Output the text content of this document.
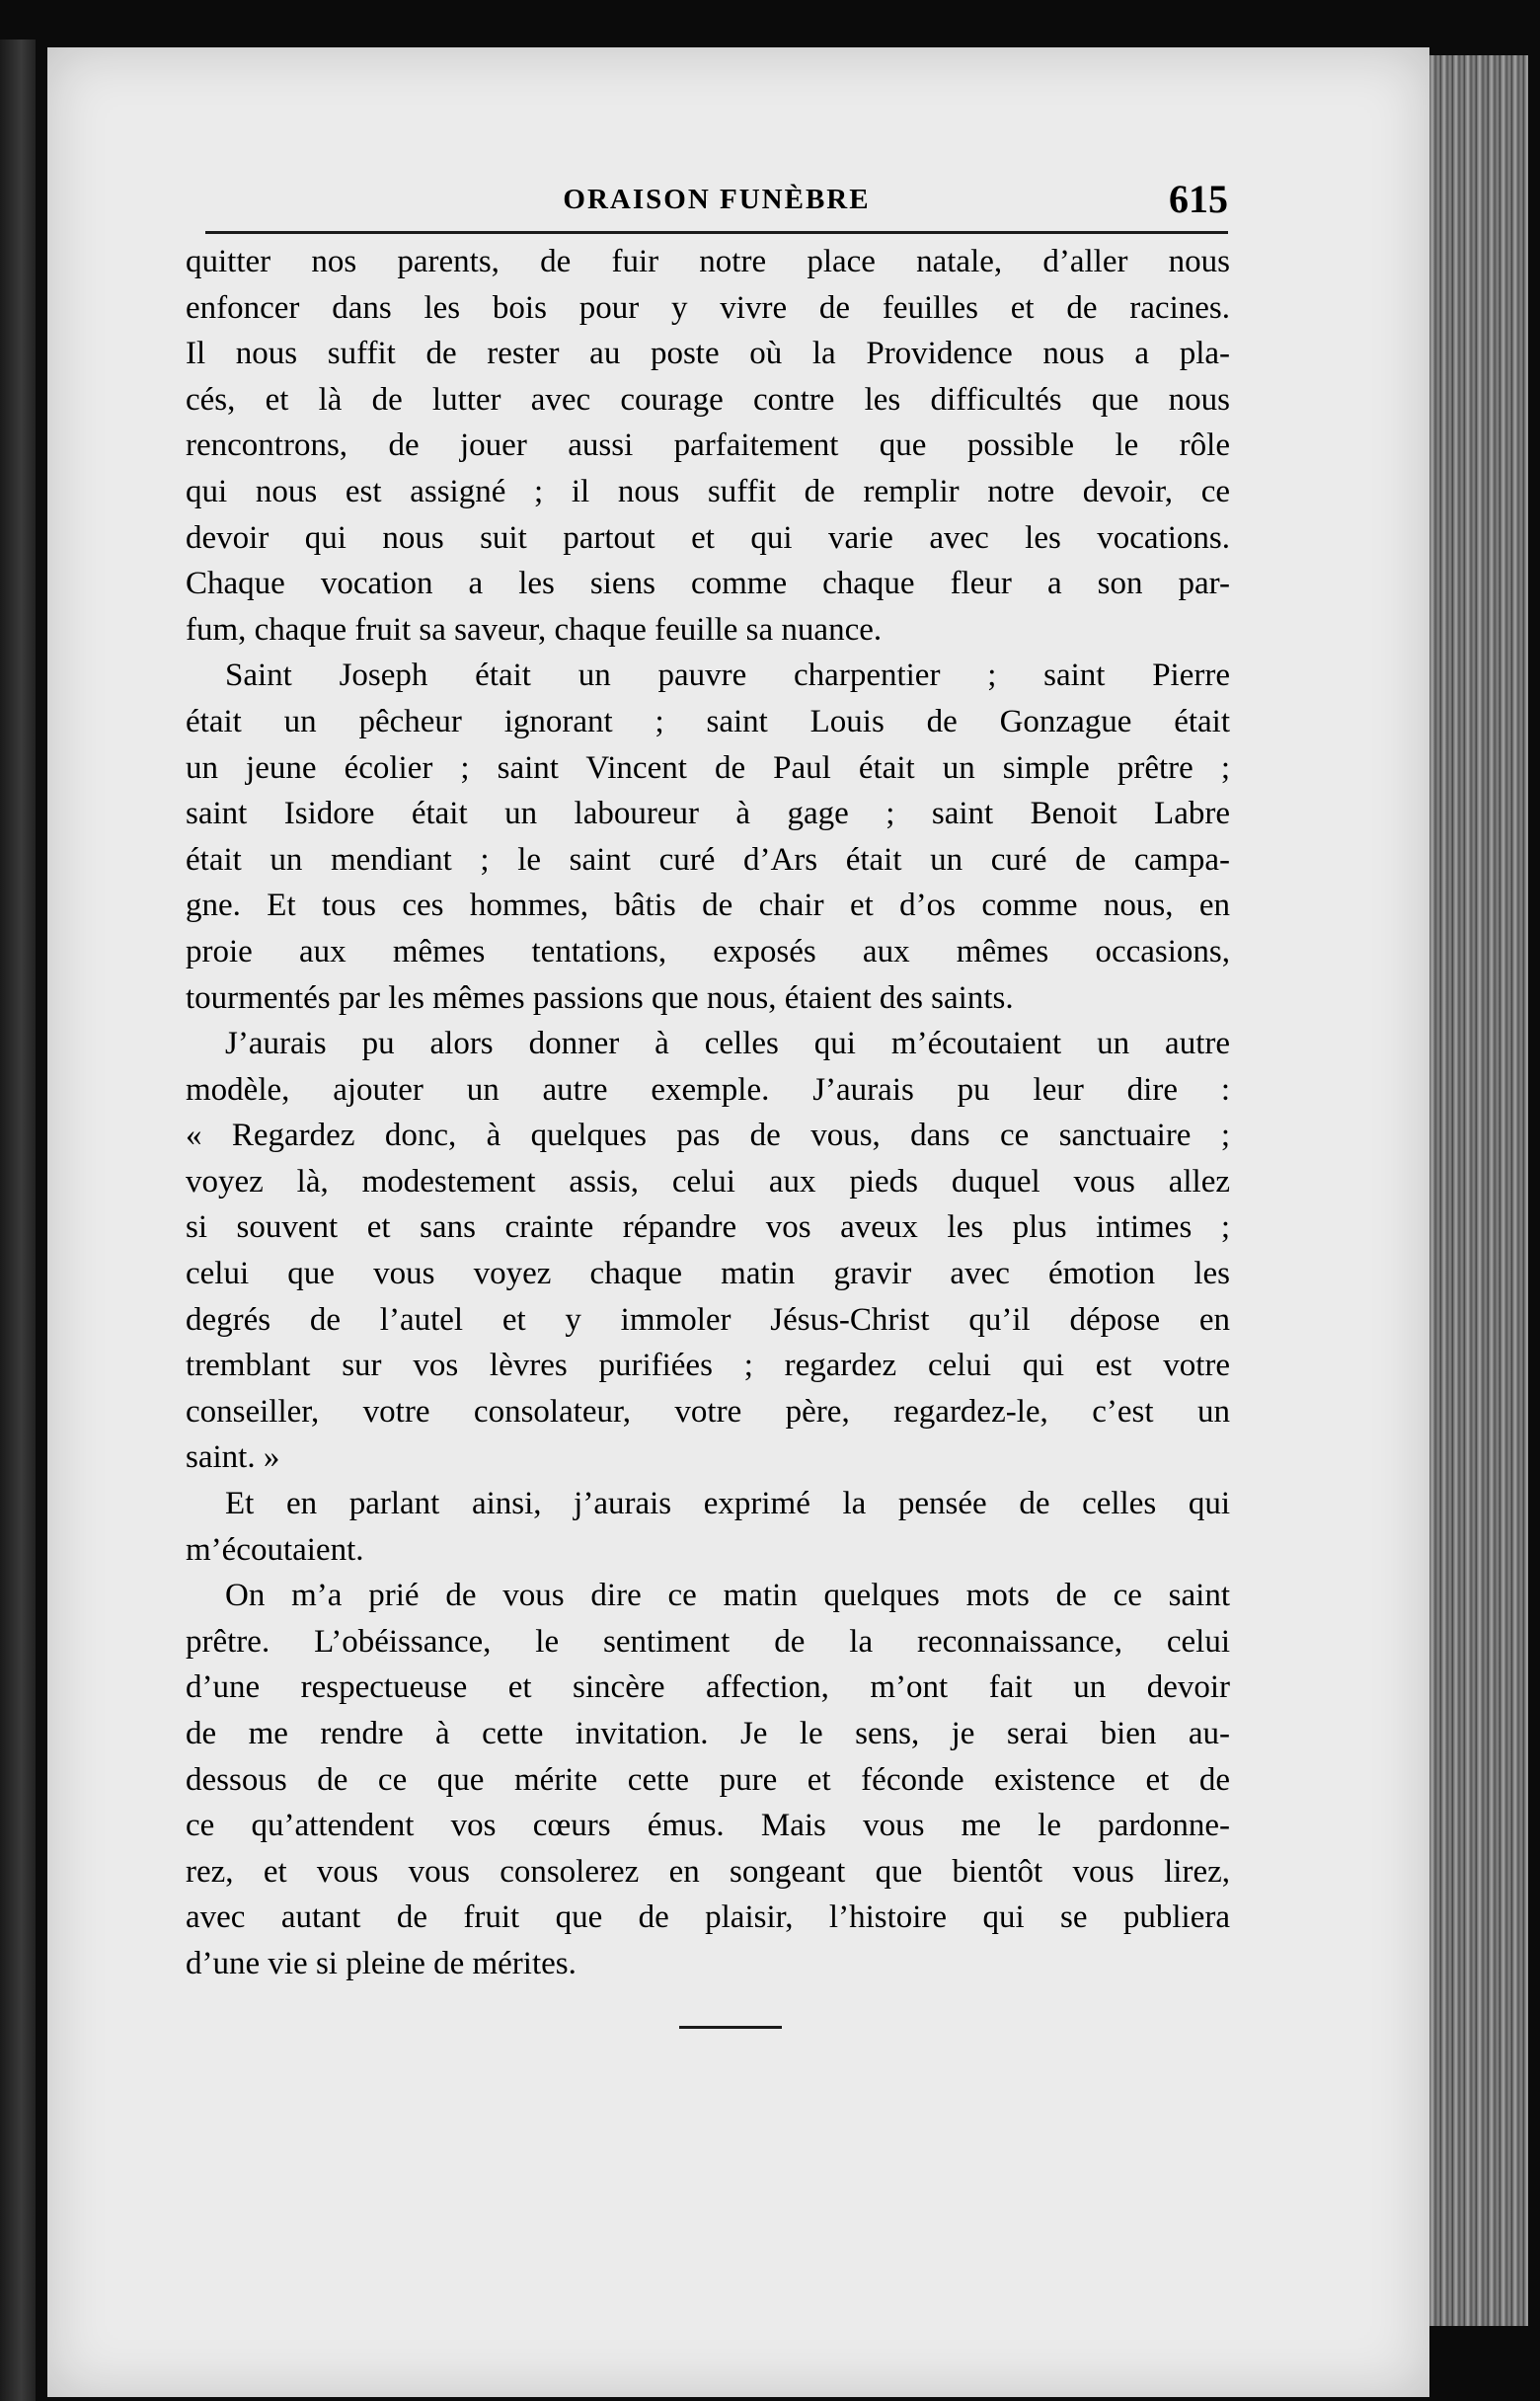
ORAISON FUNÈBRE	615
quitter nos parents, de fuir notre place natale, d’aller nous
enfoncer dans les bois pour y vivre de feuilles et de racines.
Il nous suffit de rester au poste où la Providence nous a pla-
cés, et là de lutter avec courage contre les difficultés que nous
rencontrons, de jouer aussi parfaitement que possible le rôle
qui nous est assigné ; il nous suffit de remplir notre devoir, ce
devoir qui nous suit partout et qui varie avec les vocations.
Chaque vocation a les siens comme chaque fleur a son par-
fum, chaque fruit sa saveur, chaque feuille sa nuance.
Saint Joseph était un pauvre charpentier ; saint Pierre
était un pêcheur ignorant ; saint Louis de Gonzague était
un jeune écolier ; saint Vincent de Paul était un simple prêtre ;
saint Isidore était un laboureur à gage ; saint Benoit Labre
était un mendiant ; le saint curé d’Ars était un curé de campa-
gne. Et tous ces hommes, bâtis de chair et d’os comme nous, en
proie aux mêmes tentations, exposés aux mêmes occasions,
tourmentés par les mêmes passions que nous, étaient des saints.
J’aurais pu alors donner à celles qui m’écoutaient un autre
modèle, ajouter un autre exemple. J’aurais pu leur dire :
« Regardez donc, à quelques pas de vous, dans ce sanctuaire ;
voyez là, modestement assis, celui aux pieds duquel vous allez
si souvent et sans crainte répandre vos aveux les plus intimes ;
celui que vous voyez chaque matin gravir avec émotion les
degrés de l’autel et y immoler Jésus-Christ qu’il dépose en
tremblant sur vos lèvres purifiées ; regardez celui qui est votre
conseiller, votre consolateur, votre père, regardez-le, c’est un
saint. »
Et en parlant ainsi, j’aurais exprimé la pensée de celles qui
m’écoutaient.
On m’a prié de vous dire ce matin quelques mots de ce saint
prêtre. L’obéissance, le sentiment de la reconnaissance, celui
d’une respectueuse et sincère affection, m’ont fait un devoir
de me rendre à cette invitation. Je le sens, je serai bien au-
dessous de ce que mérite cette pure et féconde existence et de
ce qu’attendent vos cœurs émus. Mais vous me le pardonne-
rez, et vous vous consolerez en songeant que bientôt vous lirez,
avec autant de fruit que de plaisir, l’histoire qui se publiera
d’une vie si pleine de mérites.
